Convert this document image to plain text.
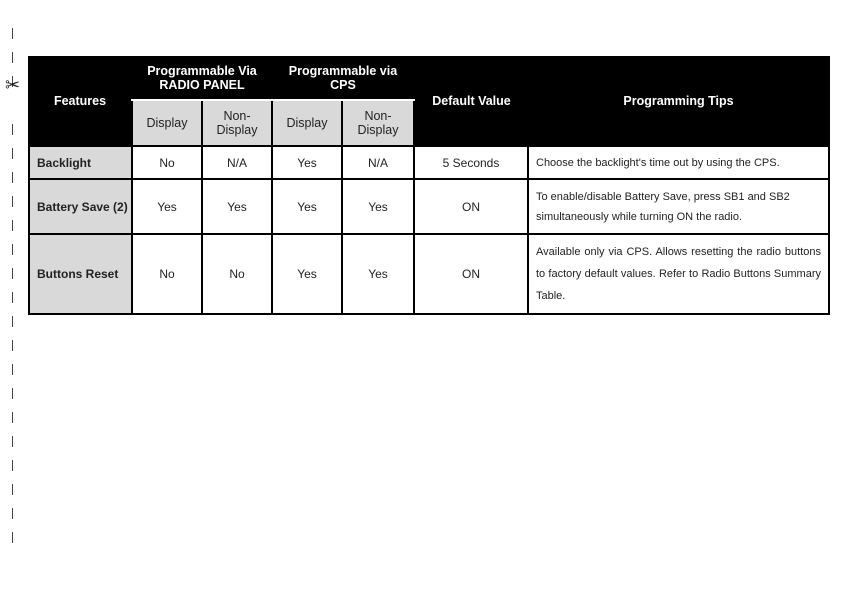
✂
Features	Programmable Via RADIO PANEL		Programmable via CPS		Default Value	Programming Tips
	Display	Non-Display	Display	Non-Display		

Backlight	No	N/A	Yes	N/A	5 Seconds	Choose the backlight's time out by using the CPS.
Battery Save (2)	Yes	Yes	Yes	Yes	ON	To enable/disable Battery Save, press SB1 and SB2 simultaneously while turning ON the radio.
Buttons Reset	No	No	Yes	Yes	ON	Available only via CPS. Allows resetting the radio buttons to factory default values. Refer to Radio Buttons Summary Table.
